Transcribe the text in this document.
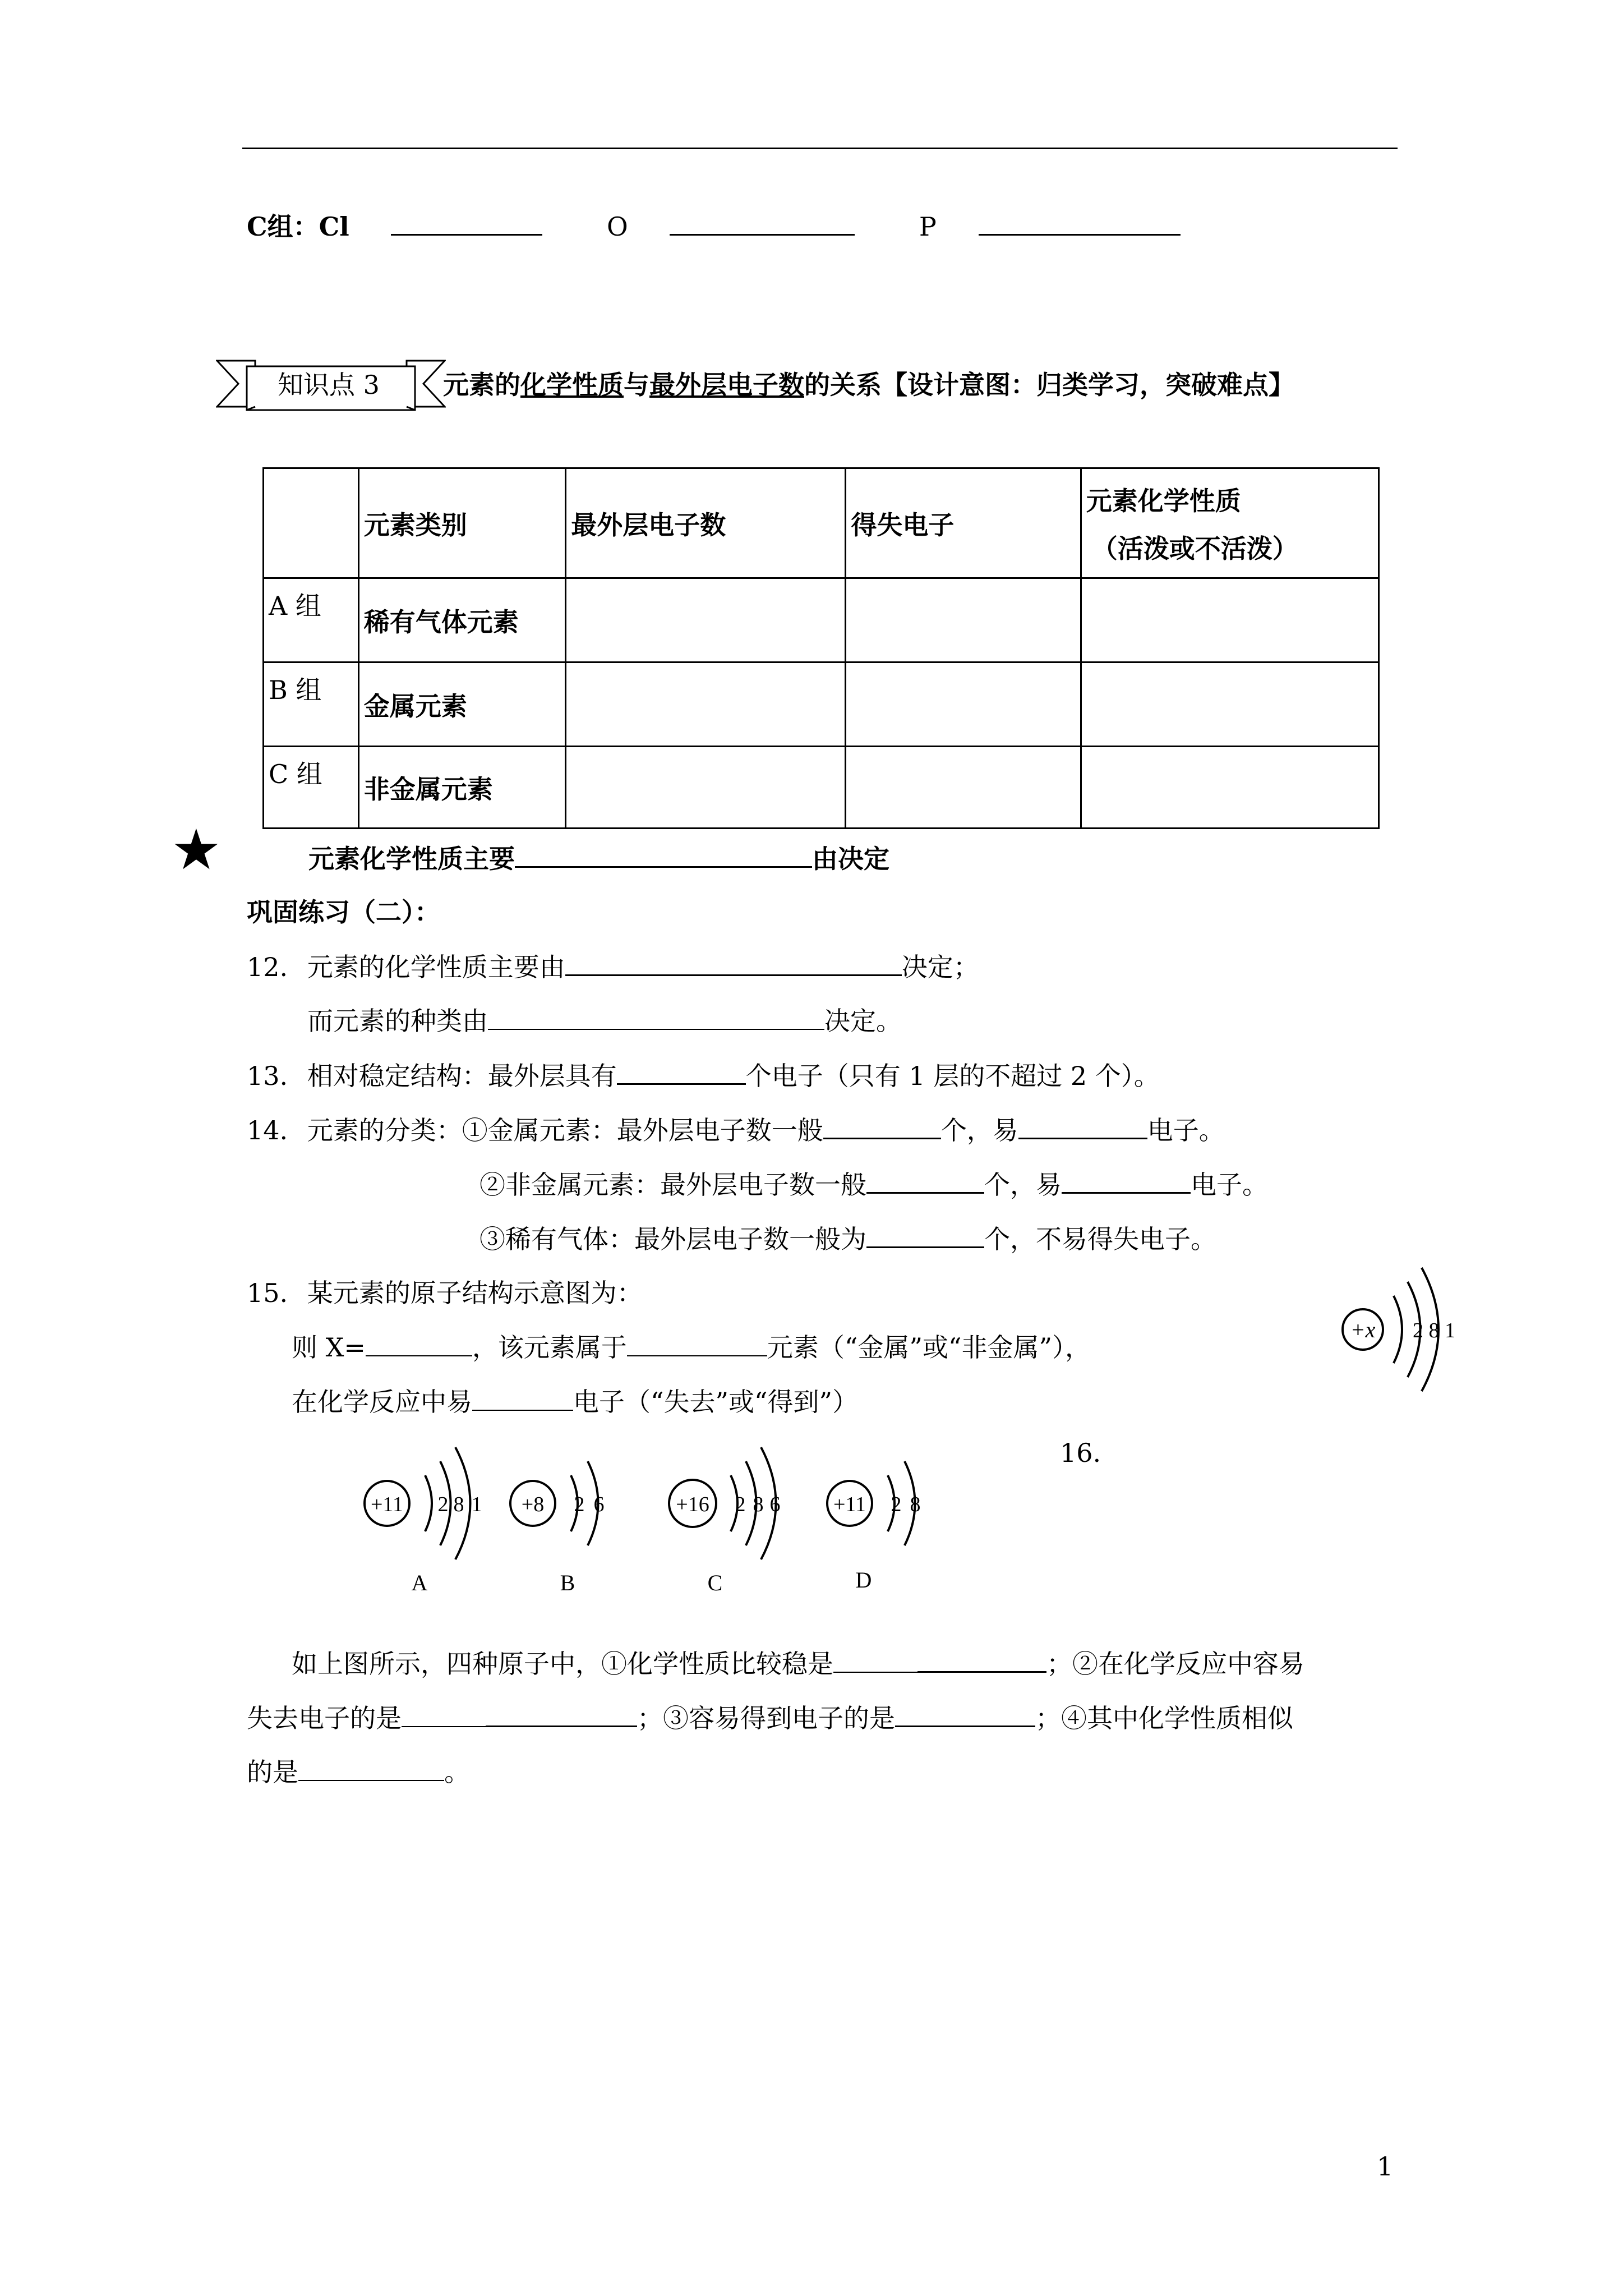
C组：Cl	O	P
知识点 3 元素的化学性质与最外层电子数的关系【设计意图：归类学习，突破难点】
	元素类别	最外层电子数	得失电子	元素化学性质
（活泼或不活泼）

A 组	稀有气体元素			
B 组	金属元素			
C 组	非金属元素			
★	元素化学性质主要	由决定
巩固练习（二）：
12. 元素的化学性质主要由	决定；
而元素的种类由	决定。
13. 相对稳定结构：最外层具有	个电子（只有 1 层的不超过 2 个）。
14. 元素的分类：①金属元素：最外层电子数一般	个，易	电子。
②非金属元素：最外层电子数一般	个，易	电子。
③稀有气体：最外层电子数一般为	个，不易得失电子。
15. 某元素的原子结构示意图为：
则 X=	，该元素属于	元素（“金属”或“非金属”），
在化学反应中易	电子（“失去”或“得到”）
+x 2 8 1
16.
+11 2 8 1
A
+8 2 6
B
+16 2 8 6
C
+11 2 8
D
如上图所示，四种原子中，①化学性质比较稳是	；②在化学反应中容易
失去电子的是	；③容易得到电子的是	；④其中化学性质相似
的是	。
1
